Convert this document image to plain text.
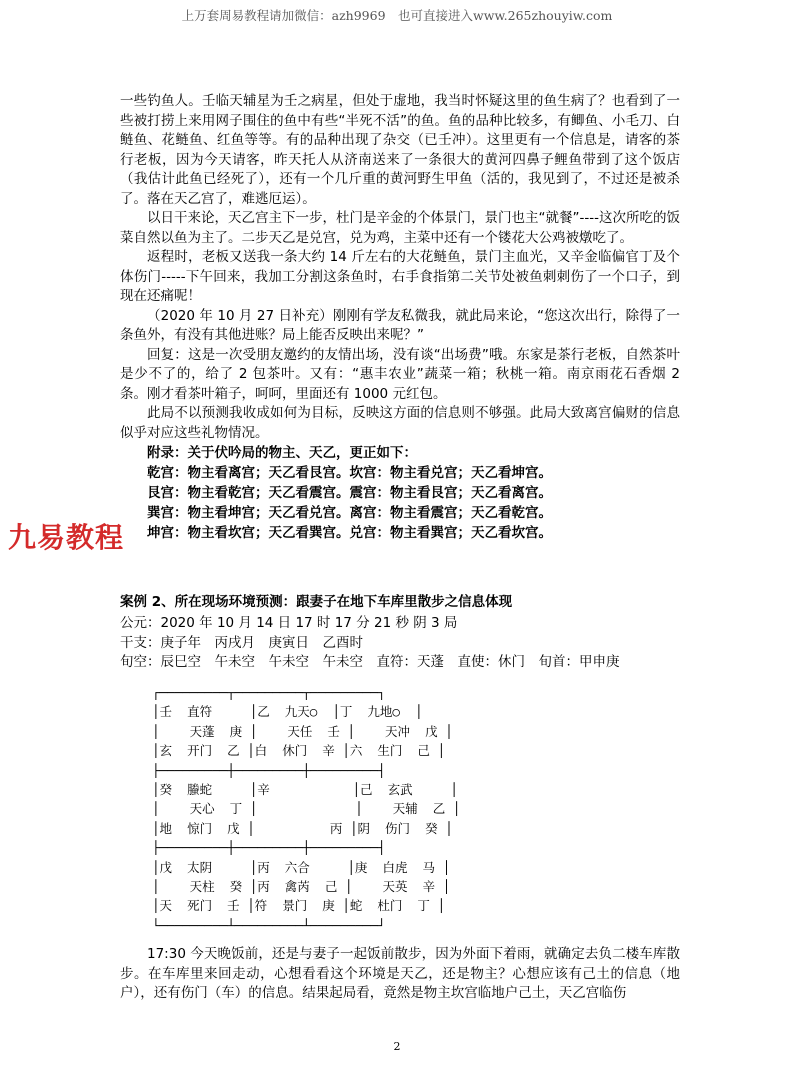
上万套周易教程请加微信：azh9969　也可直接进入www.265zhouyiw.com

一些钓鱼人。壬临天辅星为壬之病星，但处于虚地，我当时怀疑这里的鱼生病了？也看到了一些被打捞上来用网子围住的鱼中有些“半死不活”的鱼。鱼的品种比较多，有鲫鱼、小毛刀、白鲢鱼、花鲢鱼、红鱼等等。有的品种出现了杂交（已壬冲）。这里更有一个信息是，请客的茶行老板，因为今天请客，昨天托人从济南送来了一条很大的黄河四鼻子鲤鱼带到了这个饭店（我估计此鱼已经死了），还有一个几斤重的黄河野生甲鱼（活的，我见到了，不过还是被杀了。落在天乙宫了，难逃厄运）。

以日干来论，天乙宫主下一步，杜门是辛金的个体景门，景门也主“就餐”----这次所吃的饭菜自然以鱼为主了。二步天乙是兑宫，兑为鸡，主菜中还有一个镂花大公鸡被燉吃了。

返程时，老板又送我一条大约 14 斤左右的大花鲢鱼，景门主血光，又辛金临偏官丁及个体伤门-----下午回来，我加工分割这条鱼时，右手食指第二关节处被鱼刺刺伤了一个口子，到现在还痛呢！

（2020 年 10 月 27 日补充）刚刚有学友私微我，就此局来论，“您这次出行，除得了一条鱼外，有没有其他进账？局上能否反映出来呢？”

回复：这是一次受朋友邀约的友情出场，没有谈“出场费”哦。东家是茶行老板，自然茶叶是少不了的，给了 2 包茶叶。又有：“惠丰农业”蔬菜一箱；秋桃一箱。南京雨花石香烟 2 条。刚才看茶叶箱子，呵呵，里面还有 1000 元红包。

此局不以预测我收成如何为目标，反映这方面的信息则不够强。此局大致离宫偏财的信息似乎对应这些礼物情况。

附录：关于伏吟局的物主、天乙，更正如下：

乾宫：物主看离宫；天乙看艮宫。坎宫：物主看兑宫；天乙看坤宫。

艮宫：物主看乾宫；天乙看震宫。震宫：物主看艮宫；天乙看离宫。

巽宫：物主看坤宫；天乙看兑宫。离宫：物主看震宫；天乙看乾宫。

坤宫：物主看坎宫；天乙看巽宫。兑宫：物主看巽宫；天乙看坎宫。

九易教程

案例 2、所在现场环境预测：跟妻子在地下车库里散步之信息体现

公元：2020 年 10 月 14 日 17 时 17 分 21 秒 阴 3 局

干支：庚子年　丙戌月　庚寅日　乙酉时

旬空：辰巳空　午未空　午未空　午未空　直符：天蓬　直使：休门　旬首：甲申庚

┌─────────┬─────────┬─────────┐
│壬  直符     │乙  九天○  │丁  九地○  │
│    天蓬  庚 │    天任  壬 │    天冲  戊 │
│玄  开门  乙 │白  休门  辛 │六  生门  己 │
├─────────┼─────────┼─────────┤
│癸  螣蛇     │辛           │己  玄武     │
│    天心  丁 │             │    天辅  乙 │
│地  惊门  戊 │          丙 │阴  伤门  癸 │
├─────────┼─────────┼─────────┤
│戊  太阴     │丙  六合     │庚  白虎  马 │
│    天柱  癸 │丙  禽芮  己 │    天英  辛 │
│天  死门  壬 │符  景门  庚 │蛇  杜门  丁 │
└─────────┴─────────┴─────────┘

17:30 今天晚饭前，还是与妻子一起饭前散步，因为外面下着雨，就确定去负二楼车库散步。在车库里来回走动，心想看看这个环境是天乙，还是物主？心想应该有己土的信息（地户），还有伤门（车）的信息。结果起局看，竟然是物主坎宫临地户己土，天乙宫临伤

2
